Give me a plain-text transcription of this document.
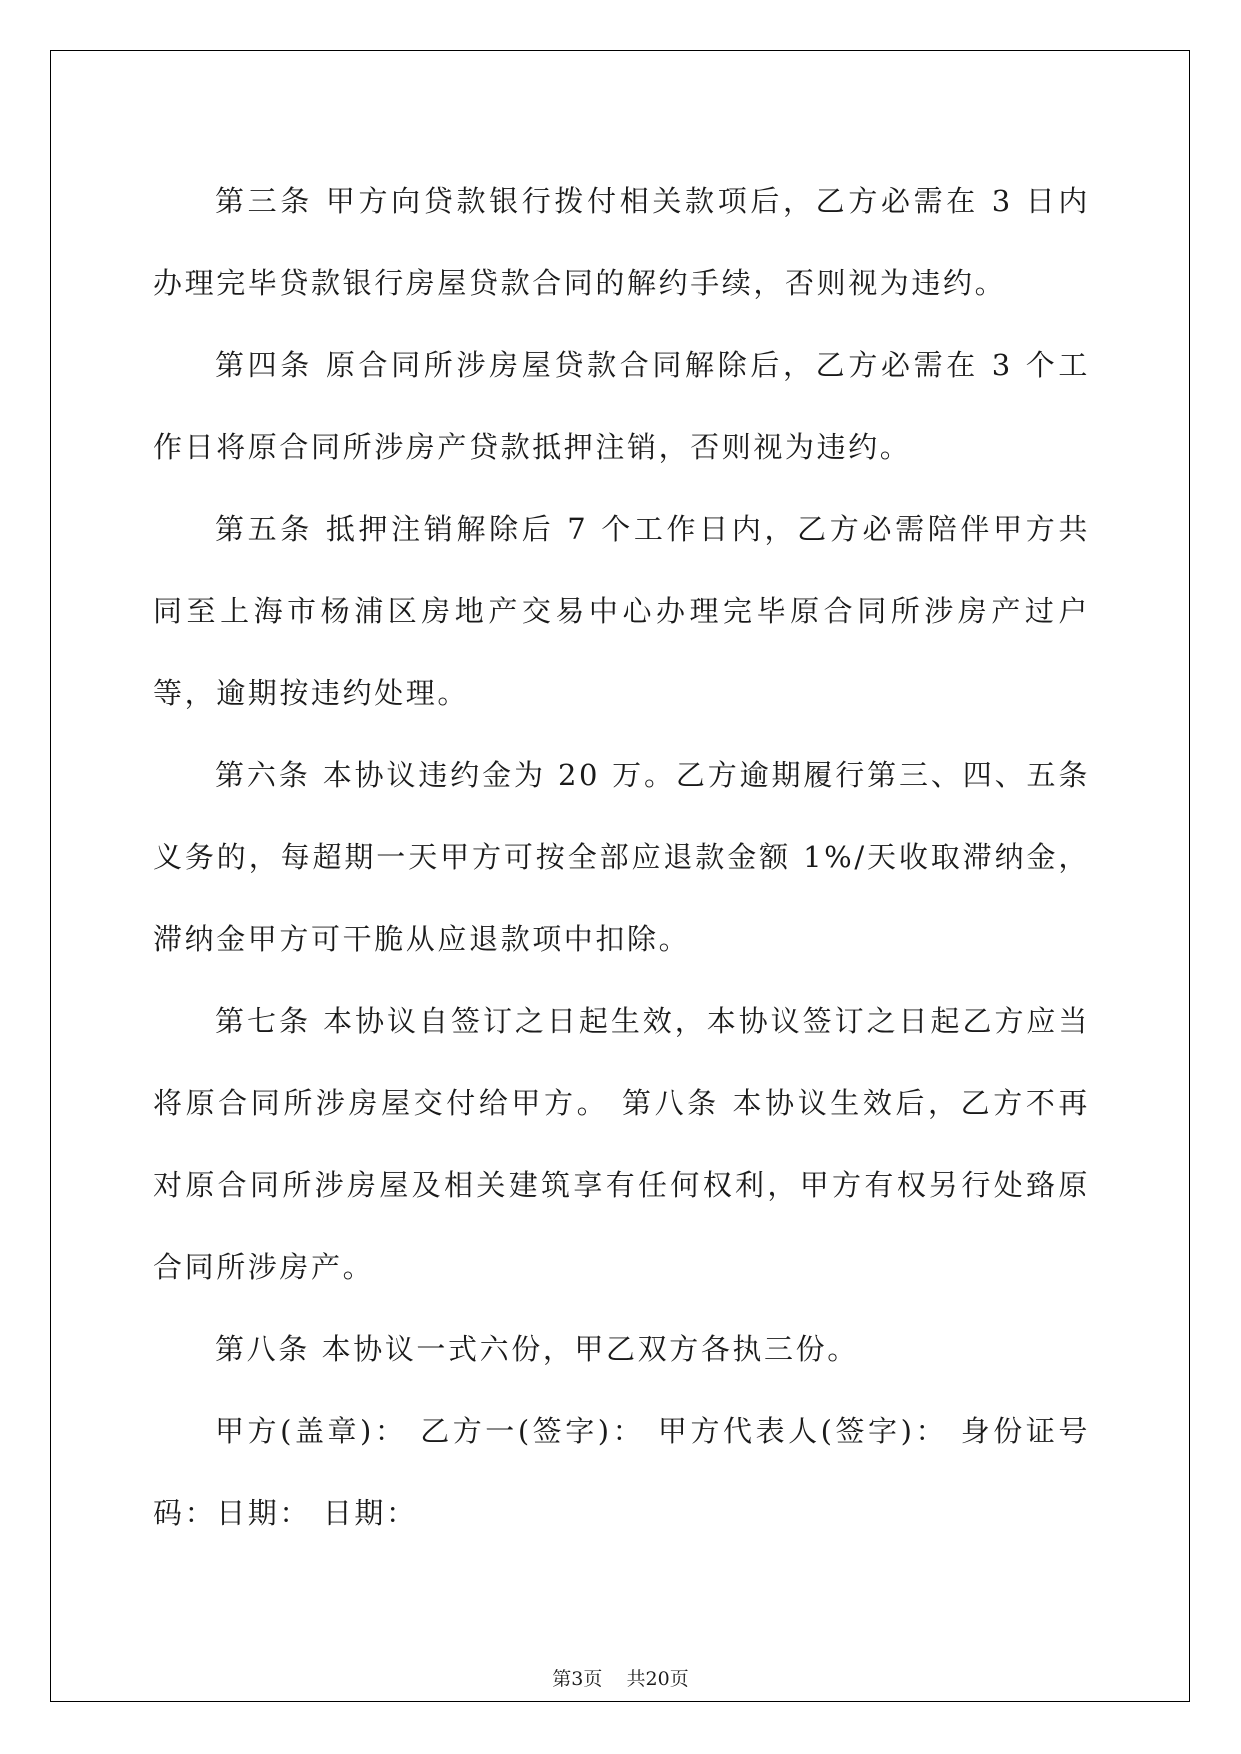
第三条 甲方向贷款银行拨付相关款项后，乙方必需在 3 日内办理完毕贷款银行房屋贷款合同的解约手续，否则视为违约。

第四条 原合同所涉房屋贷款合同解除后，乙方必需在 3 个工作日将原合同所涉房产贷款抵押注销，否则视为违约。

第五条 抵押注销解除后 7 个工作日内，乙方必需陪伴甲方共同至上海市杨浦区房地产交易中心办理完毕原合同所涉房产过户等，逾期按违约处理。

第六条 本协议违约金为 20 万。乙方逾期履行第三、四、五条义务的，每超期一天甲方可按全部应退款金额 1%/天收取滞纳金，滞纳金甲方可干脆从应退款项中扣除。

第七条 本协议自签订之日起生效，本协议签订之日起乙方应当将原合同所涉房屋交付给甲方。 第八条 本协议生效后，乙方不再对原合同所涉房屋及相关建筑享有任何权利，甲方有权另行处臵原合同所涉房产。

第八条 本协议一式六份，甲乙双方各执三份。

甲方(盖章)： 乙方一(签字)： 甲方代表人(签字)： 身份证号码：日期： 日期：

第3页 共20页
